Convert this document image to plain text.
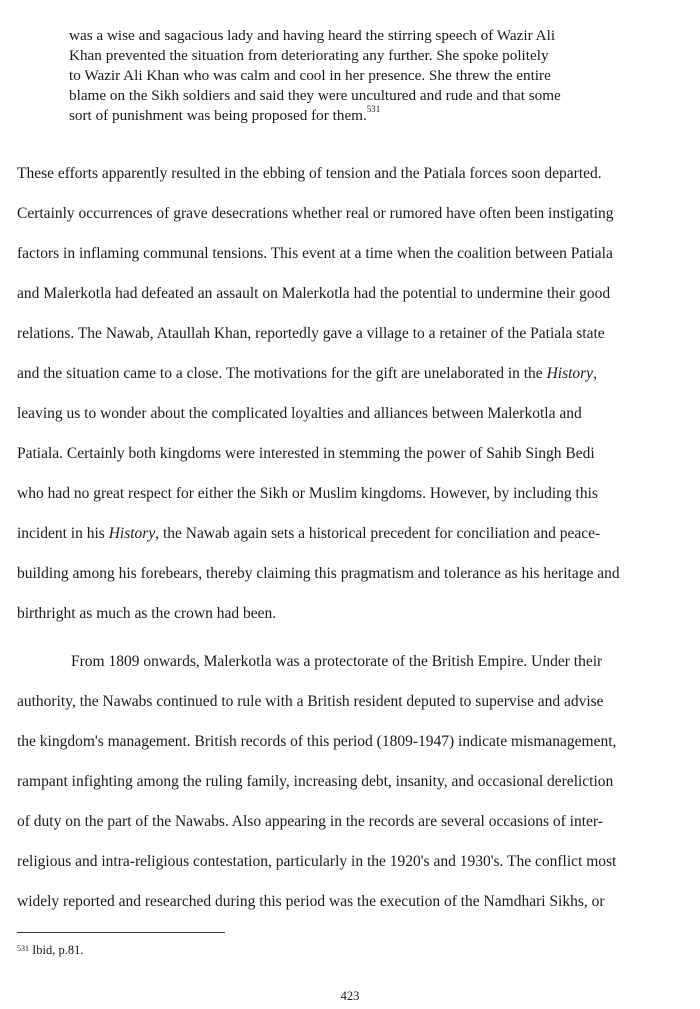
was a wise and sagacious lady and having heard the stirring speech of Wazir Ali
Khan prevented the situation from deteriorating any further. She spoke politely
to Wazir Ali Khan who was calm and cool in her presence. She threw the entire
blame on the Sikh soldiers and said they were uncultured and rude and that some
sort of punishment was being proposed for them.$^{531}$
These efforts apparently resulted in the ebbing of tension and the Patiala forces soon departed.
Certainly occurrences of grave desecrations whether real or rumored have often been instigating
factors in inflaming communal tensions. This event at a time when the coalition between Patiala
and Malerkotla had defeated an assault on Malerkotla had the potential to undermine their good
relations. The Nawab, Ataullah Khan, reportedly gave a village to a retainer of the Patiala state
and the situation came to a close. The motivations for the gift are unelaborated in the History,
leaving us to wonder about the complicated loyalties and alliances between Malerkotla and
Patiala. Certainly both kingdoms were interested in stemming the power of Sahib Singh Bedi
who had no great respect for either the Sikh or Muslim kingdoms. However, by including this
incident in his History, the Nawab again sets a historical precedent for conciliation and peace-
building among his forebears, thereby claiming this pragmatism and tolerance as his heritage and
birthright as much as the crown had been.
From 1809 onwards, Malerkotla was a protectorate of the British Empire. Under their
authority, the Nawabs continued to rule with a British resident deputed to supervise and advise
the kingdom's management. British records of this period (1809-1947) indicate mismanagement,
rampant infighting among the ruling family, increasing debt, insanity, and occasional dereliction
of duty on the part of the Nawabs. Also appearing in the records are several occasions of inter-
religious and intra-religious contestation, particularly in the 1920's and 1930's. The conflict most
widely reported and researched during this period was the execution of the Namdhari Sikhs, or
$^{531}$ Ibid, p.81.
423
